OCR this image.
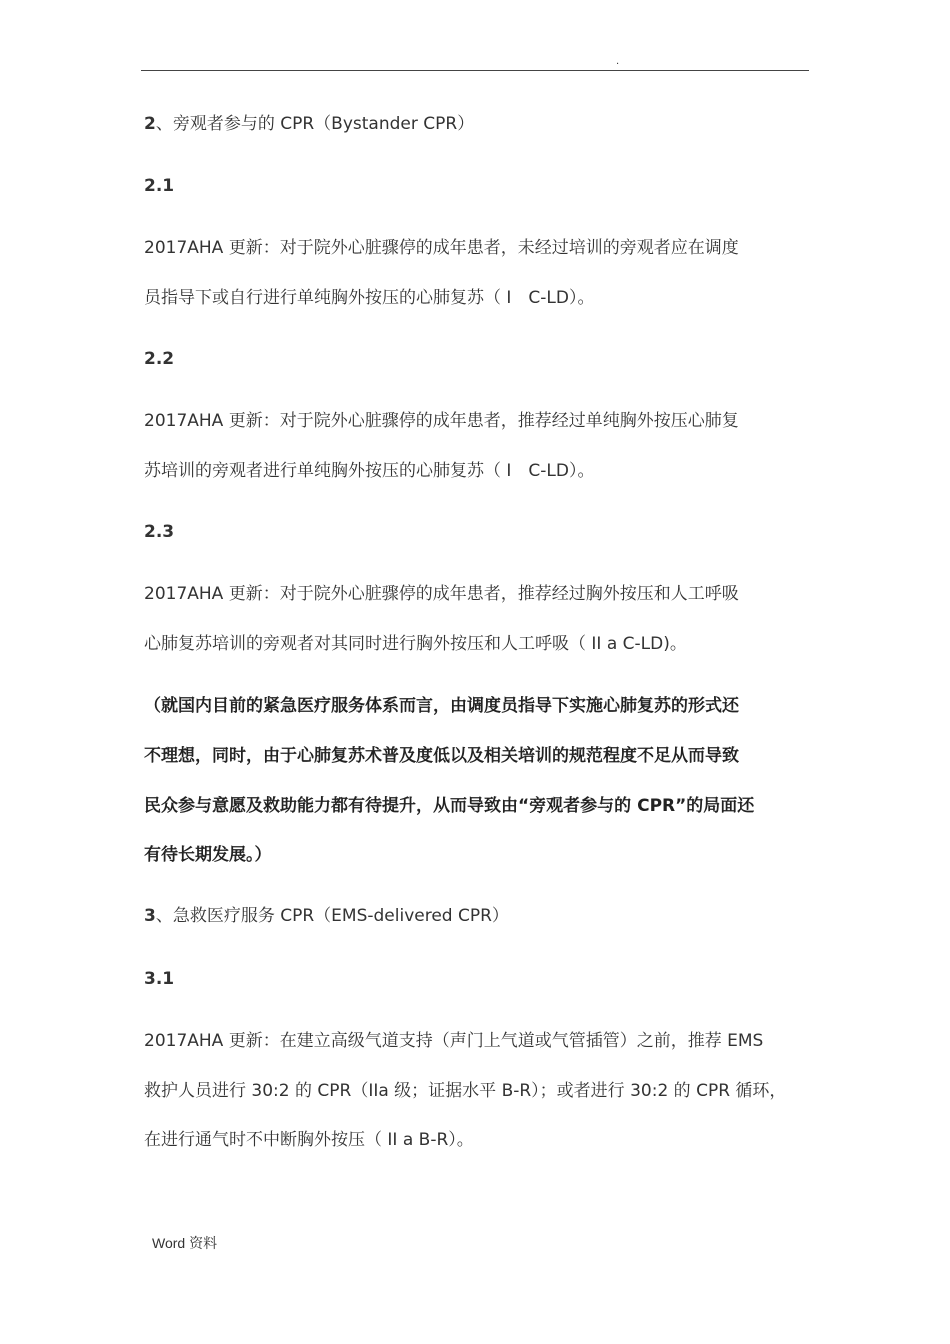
.
2、旁观者参与的 CPR（Bystander CPR）
2.1
2017AHA 更新：对于院外心脏骤停的成年患者，未经过培训的旁观者应在调度
员指导下或自行进行单纯胸外按压的心肺复苏（ I　C-LD）。
2.2
2017AHA 更新：对于院外心脏骤停的成年患者，推荐经过单纯胸外按压心肺复
苏培训的旁观者进行单纯胸外按压的心肺复苏（ I　C-LD）。
2.3
2017AHA 更新：对于院外心脏骤停的成年患者，推荐经过胸外按压和人工呼吸
心肺复苏培训的旁观者对其同时进行胸外按压和人工呼吸（ II a C-LD)。
（就国内目前的紧急医疗服务体系而言，由调度员指导下实施心肺复苏的形式还
不理想，同时，由于心肺复苏术普及度低以及相关培训的规范程度不足从而导致
民众参与意愿及救助能力都有待提升，从而导致由“旁观者参与的 CPR”的局面还
有待长期发展。）
3、急救医疗服务 CPR（EMS-delivered CPR）
3.1
2017AHA 更新：在建立高级气道支持（声门上气道或气管插管）之前，推荐 EMS
救护人员进行 30:2 的 CPR（IIa 级；证据水平 B-R）；或者进行 30:2 的 CPR 循环，
在进行通气时不中断胸外按压（ II a B-R）。
Word 资料
